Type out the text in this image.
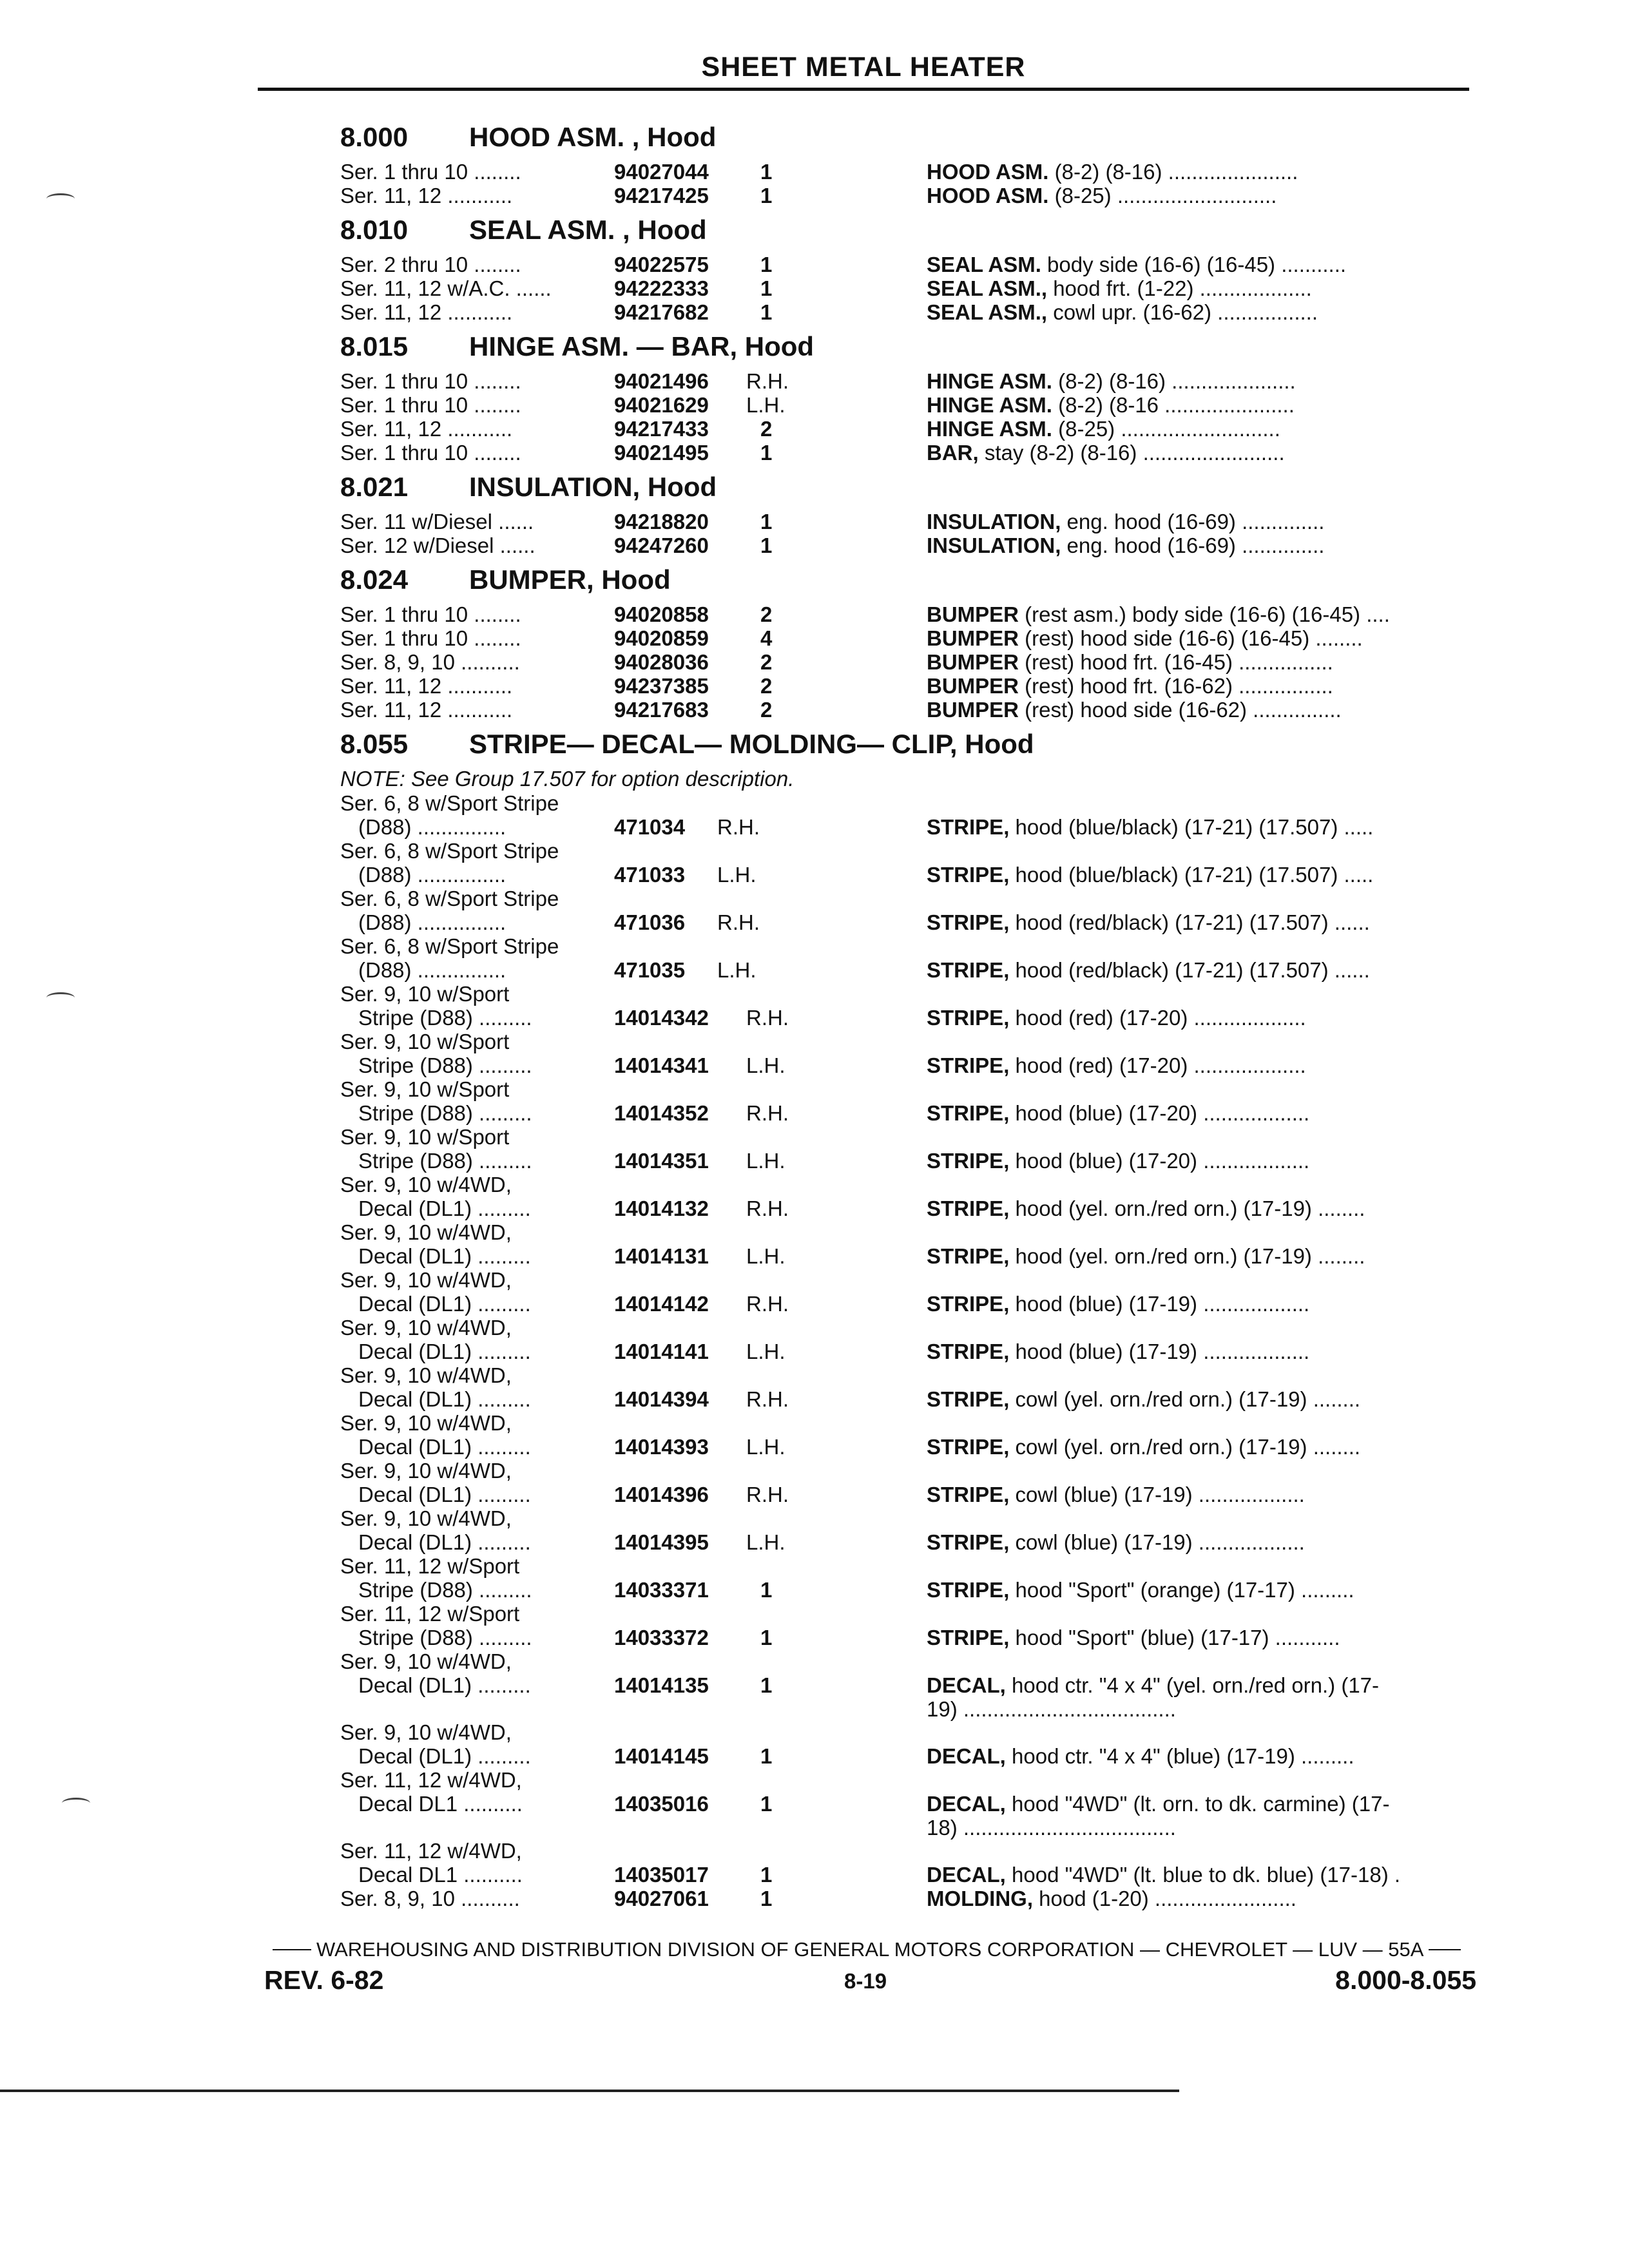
SHEET METAL HEATER
8.000	HOOD ASM. , Hood
Ser. 1 thru 10 ........	94027044 1	HOOD ASM. (8-2) (8-16) ......................
Ser. 11, 12 ...........	94217425 1	HOOD ASM. (8-25) ...........................
8.010	SEAL ASM. , Hood
Ser. 2 thru 10 ........	94022575 1	SEAL ASM. body side (16-6) (16-45) ...........
Ser. 11, 12 w/A.C. ......	94222333 1	SEAL ASM., hood frt. (1-22) ...................
Ser. 11, 12 ...........	94217682 1	SEAL ASM., cowl upr. (16-62) .................
8.015	HINGE ASM. — BAR, Hood
Ser. 1 thru 10 ........	94021496 R.H.	HINGE ASM. (8-2) (8-16) .....................
Ser. 1 thru 10 ........	94021629 L.H.	HINGE ASM. (8-2) (8-16 ......................
Ser. 11, 12 ...........	94217433 2	HINGE ASM. (8-25) ...........................
Ser. 1 thru 10 ........	94021495 1	BAR, stay (8-2) (8-16) ........................
8.021	INSULATION, Hood
Ser. 11 w/Diesel ......	94218820 1	INSULATION, eng. hood (16-69) ..............
Ser. 12 w/Diesel ......	94247260 1	INSULATION, eng. hood (16-69) ..............
8.024	BUMPER, Hood
Ser. 1 thru 10 ........	94020858 2	BUMPER (rest asm.) body side (16-6) (16-45) ....
Ser. 1 thru 10 ........	94020859 4	BUMPER (rest) hood side (16-6) (16-45) ........
Ser. 8, 9, 10 ..........	94028036 2	BUMPER (rest) hood frt. (16-45) ................
Ser. 11, 12 ...........	94237385 2	BUMPER (rest) hood frt. (16-62) ................
Ser. 11, 12 ...........	94217683 2	BUMPER (rest) hood side (16-62) ...............
8.055	STRIPE— DECAL— MOLDING— CLIP, Hood
NOTE: See Group 17.507 for option description.
Ser. 6, 8 w/Sport Stripe
(D88) ...............	471034 R.H.	STRIPE, hood (blue/black) (17-21) (17.507) .....
Ser. 6, 8 w/Sport Stripe
(D88) ...............	471033 L.H.	STRIPE, hood (blue/black) (17-21) (17.507) .....
Ser. 6, 8 w/Sport Stripe
(D88) ...............	471036 R.H.	STRIPE, hood (red/black) (17-21) (17.507) ......
Ser. 6, 8 w/Sport Stripe
(D88) ...............	471035 L.H.	STRIPE, hood (red/black) (17-21) (17.507) ......
Ser. 9, 10 w/Sport
Stripe (D88) .........	14014342 R.H.	STRIPE, hood (red) (17-20) ...................
Ser. 9, 10 w/Sport
Stripe (D88) .........	14014341 L.H.	STRIPE, hood (red) (17-20) ...................
Ser. 9, 10 w/Sport
Stripe (D88) .........	14014352 R.H.	STRIPE, hood (blue) (17-20) ..................
Ser. 9, 10 w/Sport
Stripe (D88) .........	14014351 L.H.	STRIPE, hood (blue) (17-20) ..................
Ser. 9, 10 w/4WD,
Decal (DL1) .........	14014132 R.H.	STRIPE, hood (yel. orn./red orn.) (17-19) ........
Ser. 9, 10 w/4WD,
Decal (DL1) .........	14014131 L.H.	STRIPE, hood (yel. orn./red orn.) (17-19) ........
Ser. 9, 10 w/4WD,
Decal (DL1) .........	14014142 R.H.	STRIPE, hood (blue) (17-19) ..................
Ser. 9, 10 w/4WD,
Decal (DL1) .........	14014141 L.H.	STRIPE, hood (blue) (17-19) ..................
Ser. 9, 10 w/4WD,
Decal (DL1) .........	14014394 R.H.	STRIPE, cowl (yel. orn./red orn.) (17-19) ........
Ser. 9, 10 w/4WD,
Decal (DL1) .........	14014393 L.H.	STRIPE, cowl (yel. orn./red orn.) (17-19) ........
Ser. 9, 10 w/4WD,
Decal (DL1) .........	14014396 R.H.	STRIPE, cowl (blue) (17-19) ..................
Ser. 9, 10 w/4WD,
Decal (DL1) .........	14014395 L.H.	STRIPE, cowl (blue) (17-19) ..................
Ser. 11, 12 w/Sport
Stripe (D88) .........	14033371 1	STRIPE, hood "Sport" (orange) (17-17) .........
Ser. 11, 12 w/Sport
Stripe (D88) .........	14033372 1	STRIPE, hood "Sport" (blue) (17-17) ...........
Ser. 9, 10 w/4WD,
Decal (DL1) .........	14014135 1	DECAL, hood ctr. "4 x 4" (yel. orn./red orn.) (17-
19) ....................................
Ser. 9, 10 w/4WD,
Decal (DL1) .........	14014145 1	DECAL, hood ctr. "4 x 4" (blue) (17-19) .........
Ser. 11, 12 w/4WD,
Decal DL1 ..........	14035016 1	DECAL, hood "4WD" (lt. orn. to dk. carmine) (17-
18) ....................................
Ser. 11, 12 w/4WD,
Decal DL1 ..........	14035017 1	DECAL, hood "4WD" (lt. blue to dk. blue) (17-18) .
Ser. 8, 9, 10 ..........	94027061 1	MOLDING, hood (1-20) ........................
WAREHOUSING AND DISTRIBUTION DIVISION OF GENERAL MOTORS CORPORATION — CHEVROLET — LUV — 55A
REV. 6-82	8-19	8.000-8.055
